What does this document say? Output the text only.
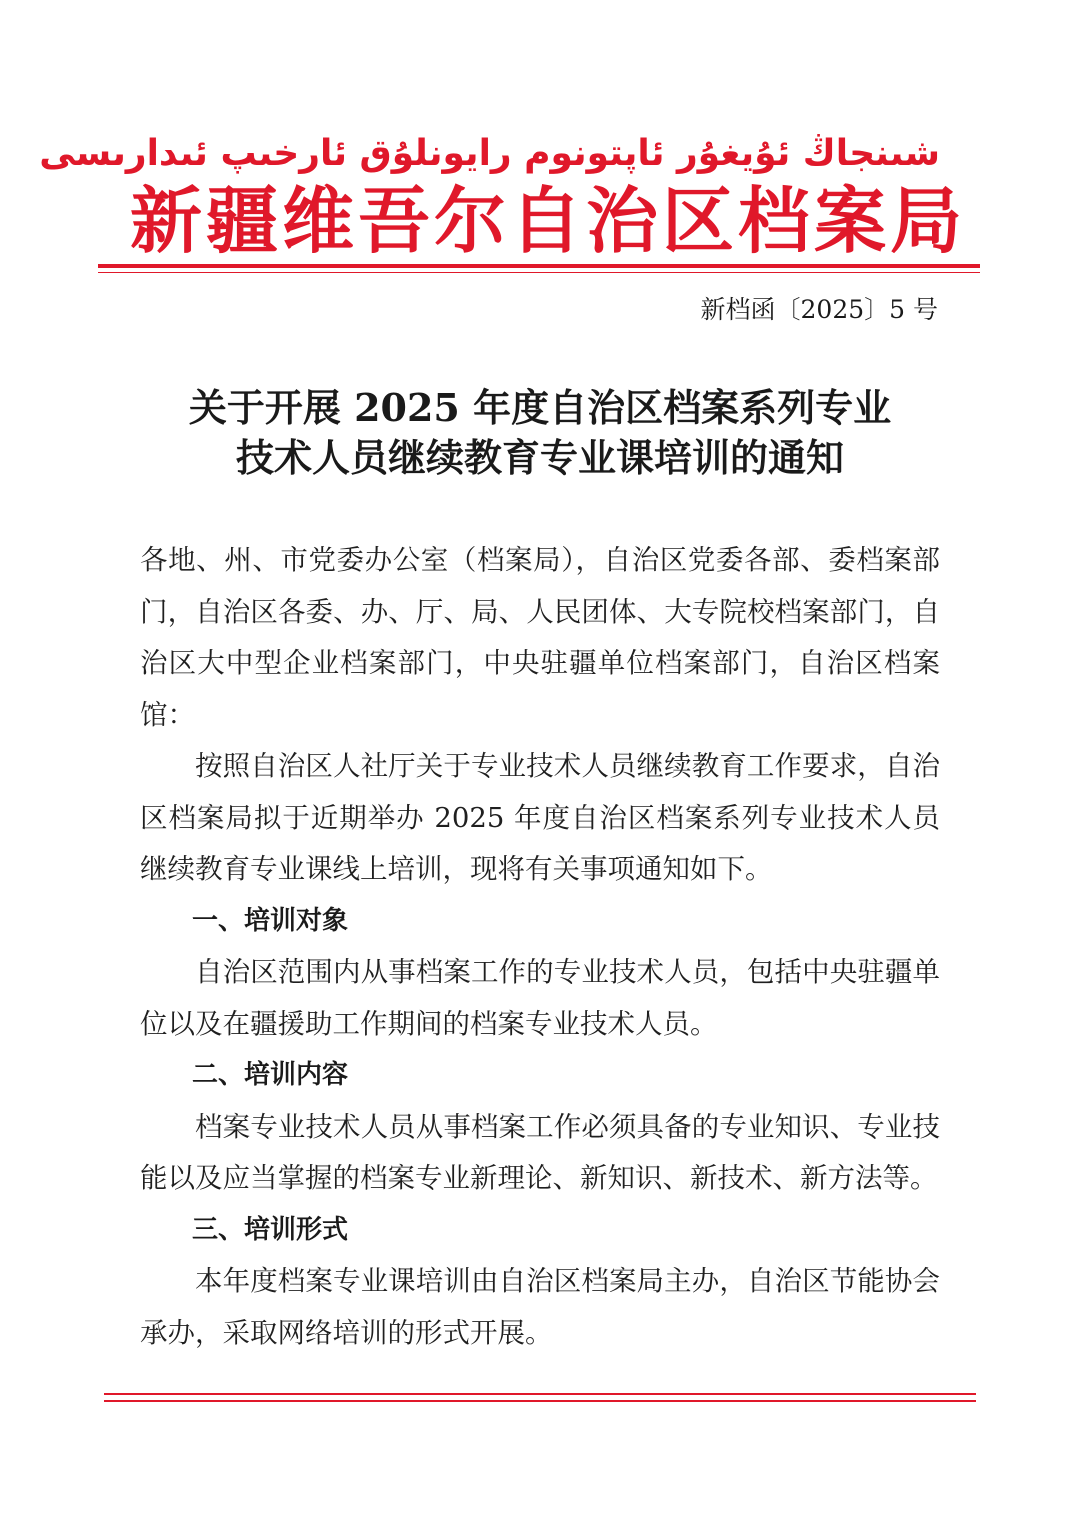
شىنجاڭ ئۇيغۇر ئاپتونوم رايونلۇق ئارخىپ ئىدارىسى
新疆维吾尔自治区档案局
新档函〔2025〕5 号
关于开展 2025 年度自治区档案系列专业
技术人员继续教育专业课培训的通知

各地、州、市党委办公室（档案局），自治区党委各部、委档案部门，自治区各委、办、厅、局、人民团体、大专院校档案部门，自治区大中型企业档案部门，中央驻疆单位档案部门，自治区档案馆：

按照自治区人社厅关于专业技术人员继续教育工作要求，自治区档案局拟于近期举办 2025 年度自治区档案系列专业技术人员继续教育专业课线上培训，现将有关事项通知如下。

一、培训对象

自治区范围内从事档案工作的专业技术人员，包括中央驻疆单位以及在疆援助工作期间的档案专业技术人员。

二、培训内容

档案专业技术人员从事档案工作必须具备的专业知识、专业技能以及应当掌握的档案专业新理论、新知识、新技术、新方法等。

三、培训形式

本年度档案专业课培训由自治区档案局主办，自治区节能协会承办，采取网络培训的形式开展。
